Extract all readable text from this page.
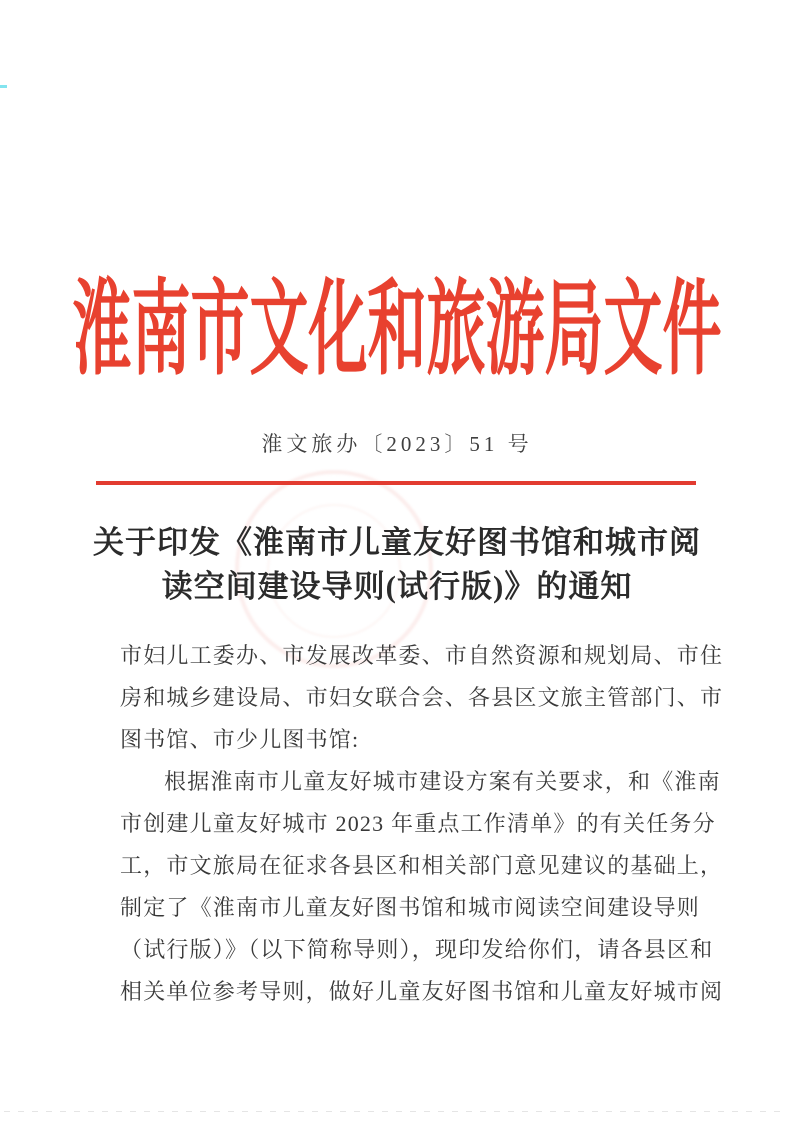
淮南市文化和旅游局文件
淮文旅办〔2023〕51 号
关于印发《淮南市儿童友好图书馆和城市阅
读空间建设导则(试行版)》的通知
市妇儿工委办、市发展改革委、市自然资源和规划局、市住
房和城乡建设局、市妇女联合会、各县区文旅主管部门、市
图书馆、市少儿图书馆:
根据淮南市儿童友好城市建设方案有关要求，和《淮南
市创建儿童友好城市 2023 年重点工作清单》的有关任务分
工，市文旅局在征求各县区和相关部门意见建议的基础上，
制定了《淮南市儿童友好图书馆和城市阅读空间建设导则
（试行版）》（以下简称导则），现印发给你们，请各县区和
相关单位参考导则，做好儿童友好图书馆和儿童友好城市阅
